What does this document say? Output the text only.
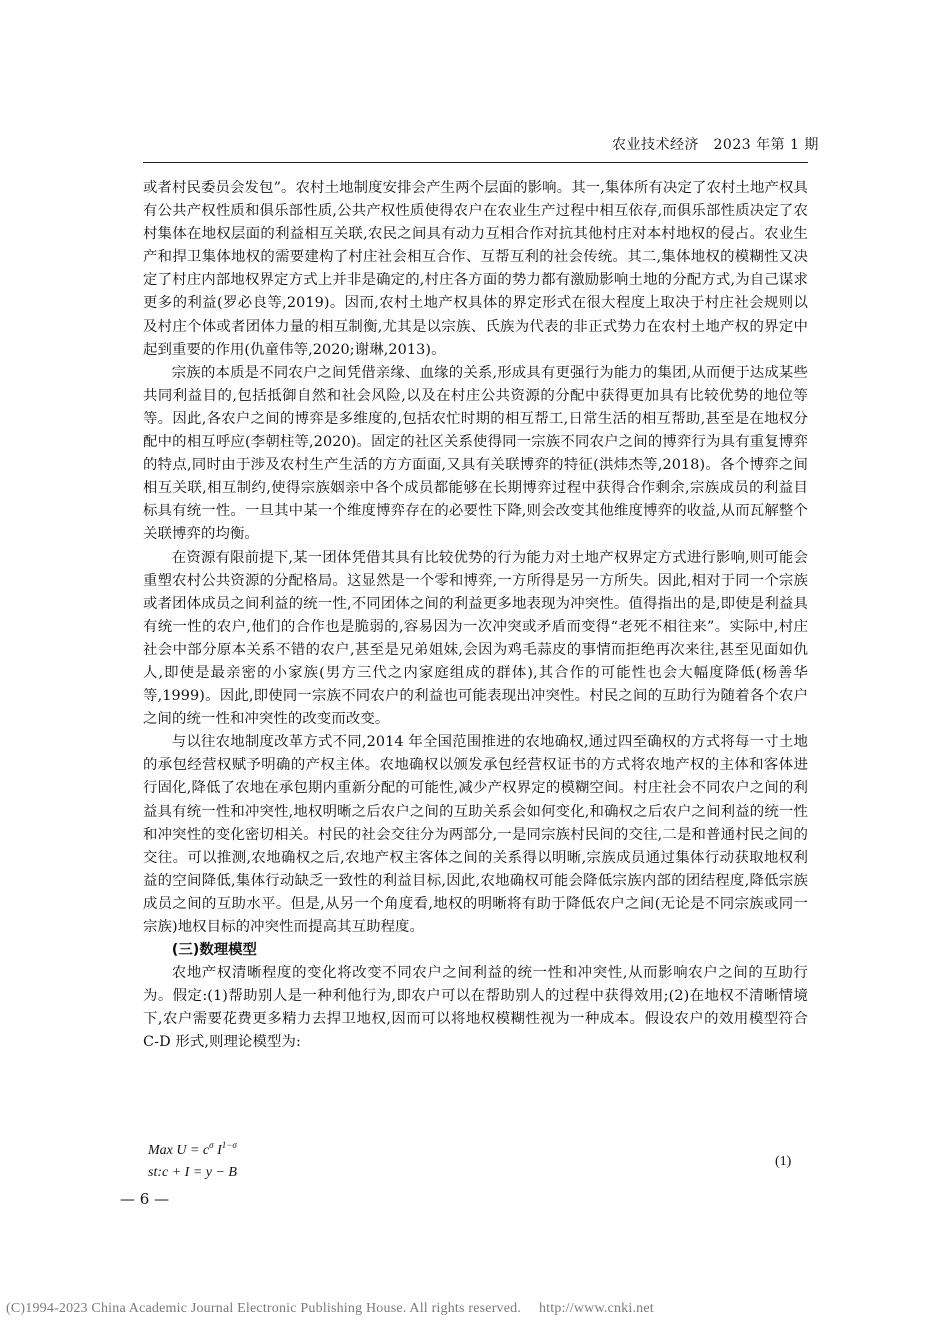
农业技术经济　2023 年第 1 期

或者村民委员会发包”。农村土地制度安排会产生两个层面的影响。其一,集体所有决定了农村土地产权具有公共产权性质和俱乐部性质,公共产权性质使得农户在农业生产过程中相互依存,而俱乐部性质决定了农村集体在地权层面的利益相互关联,农民之间具有动力互相合作对抗其他村庄对本村地权的侵占。农业生产和捍卫集体地权的需要建构了村庄社会相互合作、互帮互利的社会传统。其二,集体地权的模糊性又决定了村庄内部地权界定方式上并非是确定的,村庄各方面的势力都有激励影响土地的分配方式,为自己谋求更多的利益(罗必良等,2019)。因而,农村土地产权具体的界定形式在很大程度上取决于村庄社会规则以及村庄个体或者团体力量的相互制衡,尤其是以宗族、氏族为代表的非正式势力在农村土地产权的界定中起到重要的作用(仇童伟等,2020;谢琳,2013)。

宗族的本质是不同农户之间凭借亲缘、血缘的关系,形成具有更强行为能力的集团,从而便于达成某些共同利益目的,包括抵御自然和社会风险,以及在村庄公共资源的分配中获得更加具有比较优势的地位等等。因此,各农户之间的博弈是多维度的,包括农忙时期的相互帮工,日常生活的相互帮助,甚至是在地权分配中的相互呼应(李朝柱等,2020)。固定的社区关系使得同一宗族不同农户之间的博弈行为具有重复博弈的特点,同时由于涉及农村生产生活的方方面面,又具有关联博弈的特征(洪炜杰等,2018)。各个博弈之间相互关联,相互制约,使得宗族姻亲中各个成员都能够在长期博弈过程中获得合作剩余,宗族成员的利益目标具有统一性。一旦其中某一个维度博弈存在的必要性下降,则会改变其他维度博弈的收益,从而瓦解整个关联博弈的均衡。

在资源有限前提下,某一团体凭借其具有比较优势的行为能力对土地产权界定方式进行影响,则可能会重塑农村公共资源的分配格局。这显然是一个零和博弈,一方所得是另一方所失。因此,相对于同一个宗族或者团体成员之间利益的统一性,不同团体之间的利益更多地表现为冲突性。值得指出的是,即使是利益具有统一性的农户,他们的合作也是脆弱的,容易因为一次冲突或矛盾而变得“老死不相往来”。实际中,村庄社会中部分原本关系不错的农户,甚至是兄弟姐妹,会因为鸡毛蒜皮的事情而拒绝再次来往,甚至见面如仇人,即使是最亲密的小家族(男方三代之内家庭组成的群体),其合作的可能性也会大幅度降低(杨善华等,1999)。因此,即使同一宗族不同农户的利益也可能表现出冲突性。村民之间的互助行为随着各个农户之间的统一性和冲突性的改变而改变。

与以往农地制度改革方式不同,2014 年全国范围推进的农地确权,通过四至确权的方式将每一寸土地的承包经营权赋予明确的产权主体。农地确权以颁发承包经营权证书的方式将农地产权的主体和客体进行固化,降低了农地在承包期内重新分配的可能性,减少产权界定的模糊空间。村庄社会不同农户之间的利益具有统一性和冲突性,地权明晰之后农户之间的互助关系会如何变化,和确权之后农户之间利益的统一性和冲突性的变化密切相关。村民的社会交往分为两部分,一是同宗族村民间的交往,二是和普通村民之间的交往。可以推测,农地确权之后,农地产权主客体之间的关系得以明晰,宗族成员通过集体行动获取地权利益的空间降低,集体行动缺乏一致性的利益目标,因此,农地确权可能会降低宗族内部的团结程度,降低宗族成员之间的互助水平。但是,从另一个角度看,地权的明晰将有助于降低农户之间(无论是不同宗族或同一宗族)地权目标的冲突性而提高其互助程度。

(三)数理模型

农地产权清晰程度的变化将改变不同农户之间利益的统一性和冲突性,从而影响农户之间的互助行为。假定:(1)帮助别人是一种利他行为,即农户可以在帮助别人的过程中获得效用;(2)在地权不清晰情境下,农户需要花费更多精力去捍卫地权,因而可以将地权模糊性视为一种成本。假设农户的效用模型符合 C-D 形式,则理论模型为:

Max $U = c^\sigma$ $I^{1-\sigma}$
st:c + I = y − B
(1)
— 6 —
(C)1994-2023 China Academic Journal Electronic Publishing House. All rights reserved.　 http://www.cnki.net
